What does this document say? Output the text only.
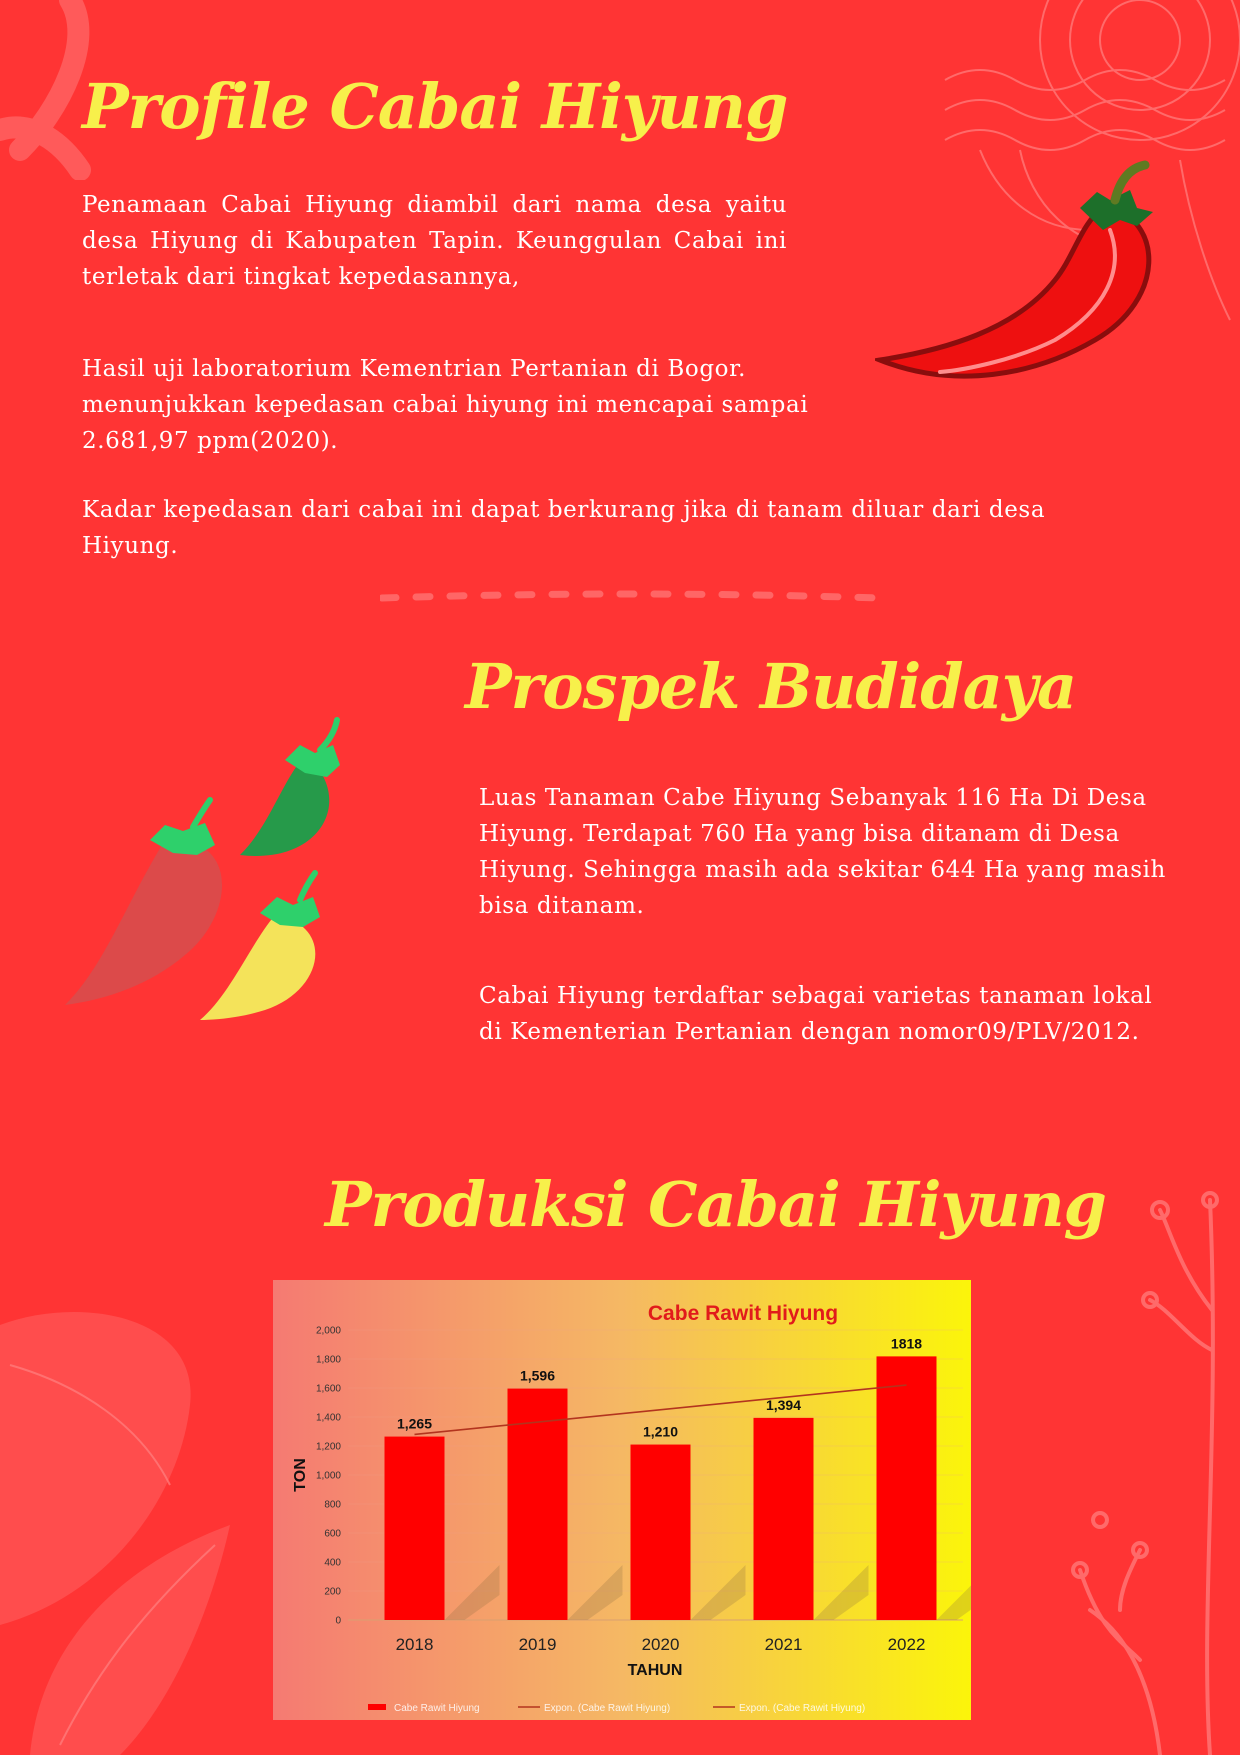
Profile Cabai Hiyung

Penamaan Cabai Hiyung diambil dari nama desa yaitu desa Hiyung di Kabupaten Tapin. Keunggulan Cabai ini terletak dari tingkat kepedasannya,

Hasil uji laboratorium Kementrian Pertanian di Bogor. menunjukkan kepedasan cabai hiyung ini mencapai sampai 2.681,97 ppm(2020).

Kadar kepedasan dari cabai ini dapat berkurang jika di tanam diluar dari desa Hiyung.

Prospek Budidaya

Luas Tanaman Cabe Hiyung Sebanyak 116 Ha Di Desa Hiyung. Terdapat 760 Ha yang bisa ditanam di Desa Hiyung. Sehingga masih ada sekitar 644 Ha yang masih bisa ditanam.

Cabai Hiyung terdaftar sebagai varietas tanaman lokal di Kementerian Pertanian dengan nomor09/PLV/2012.

Produksi Cabai Hiyung
0
200
400
600
800
1,000
1,200
1,400
1,600
1,800
2,000
1,265
2018
1,596
2019
1,210
2020
1,394
2021
1818
2022
Cabe Rawit Hiyung
TAHUN
TON
Cabe Rawit Hiyung	Expon. (Cabe Rawit Hiyung)	Expon. (Cabe Rawit Hiyung)
